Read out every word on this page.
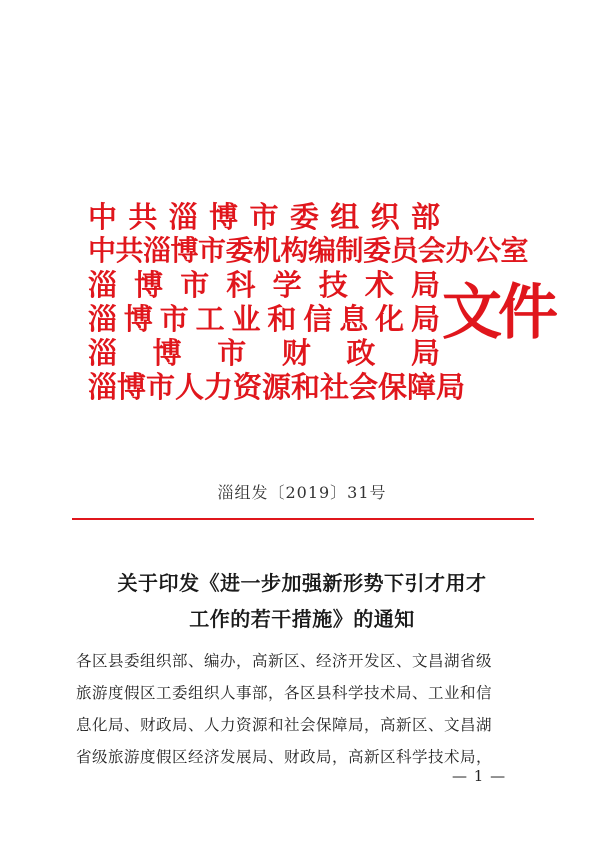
中共淄博市委组织部
中共淄博市委机构编制委员会办公室
淄博市科学技术局
淄博市工业和信息化局
淄博市财政局
淄博市人力资源和社会保障局
文件
淄组发〔2019〕31号
关于印发《进一步加强新形势下引才用才
工作的若干措施》的通知
各区县委组织部、编办，高新区、经济开发区、文昌湖省级
旅游度假区工委组织人事部，各区县科学技术局、工业和信
息化局、财政局、人力资源和社会保障局，高新区、文昌湖
省级旅游度假区经济发展局、财政局，高新区科学技术局，
— 1 —
